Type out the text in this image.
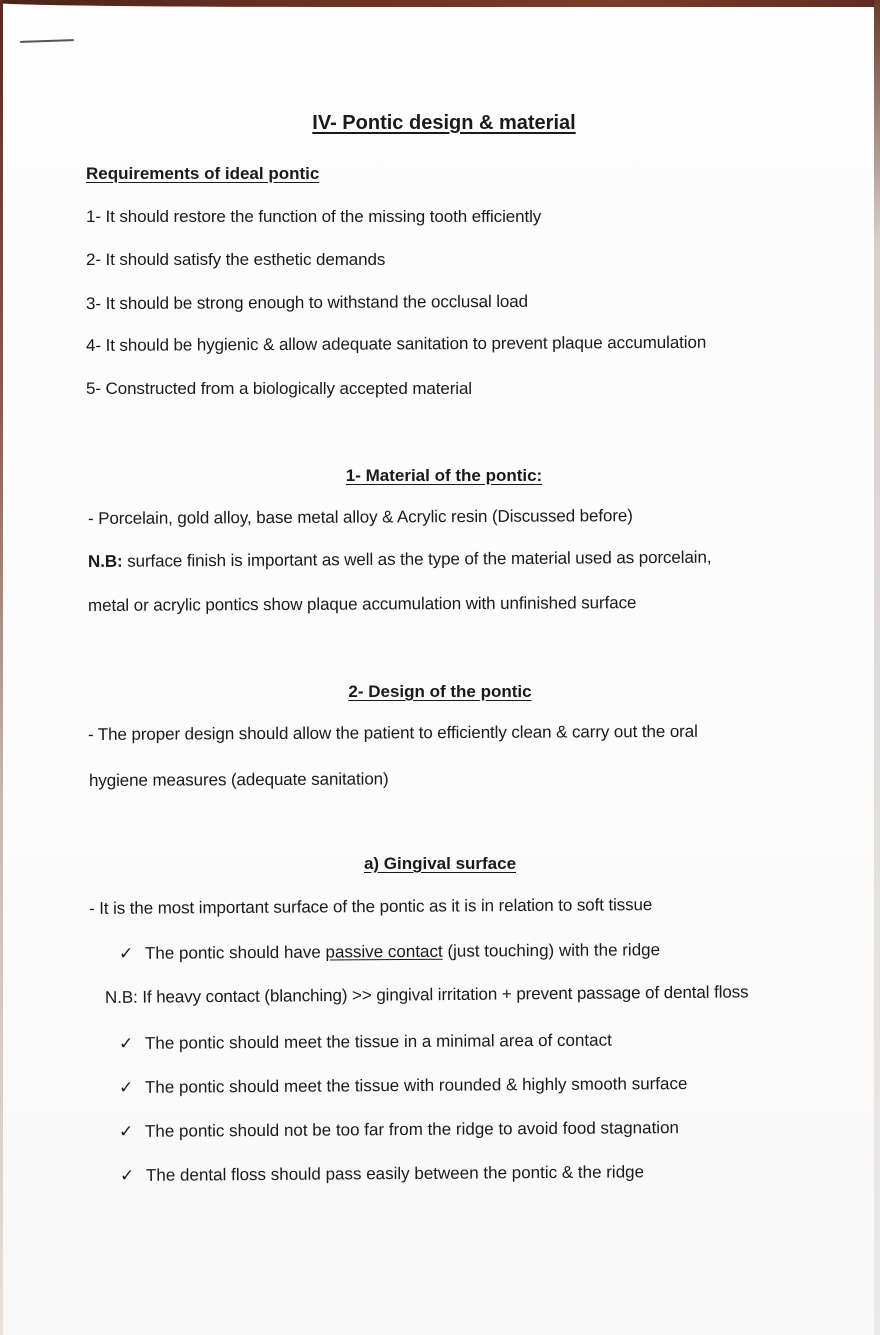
IV- Pontic design & material
Requirements of ideal pontic
1- It should restore the function of the missing tooth efficiently
2- It should satisfy the esthetic demands
3- It should be strong enough to withstand the occlusal load
4- It should be hygienic & allow adequate sanitation to prevent plaque accumulation
5- Constructed from a biologically accepted material
1- Material of the pontic:
- Porcelain, gold alloy, base metal alloy & Acrylic resin (Discussed before)
N.B: surface finish is important as well as the type of the material used as porcelain,
metal or acrylic pontics show plaque accumulation with unfinished surface
2- Design of the pontic
- The proper design should allow the patient to efficiently clean & carry out the oral
hygiene measures (adequate sanitation)
a) Gingival surface
- It is the most important surface of the pontic as it is in relation to soft tissue
✓ The pontic should have passive contact (just touching) with the ridge
N.B: If heavy contact (blanching) >> gingival irritation + prevent passage of dental floss
✓ The pontic should meet the tissue in a minimal area of contact
✓ The pontic should meet the tissue with rounded & highly smooth surface
✓ The pontic should not be too far from the ridge to avoid food stagnation
✓ The dental floss should pass easily between the pontic & the ridge
